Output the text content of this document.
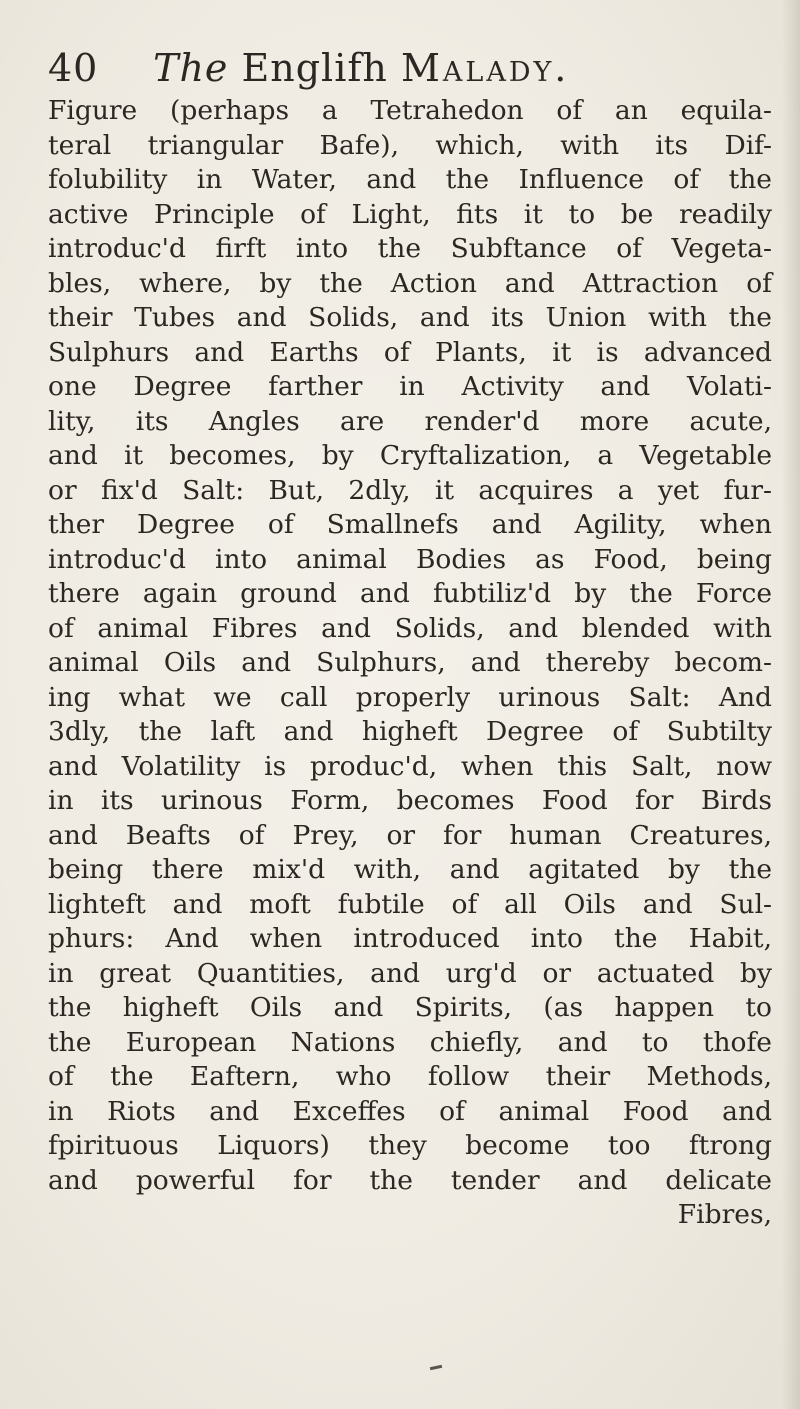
40 The Englifh Malady.
Figure (perhaps a Tetrahedon of an equila-
teral triangular Bafe), which, with its Dif-
folubility in Water, and the Influence of the
active Principle of Light, fits it to be readily
introduc'd firft into the Subftance of Vegeta-
bles, where, by the Action and Attraction of
their Tubes and Solids, and its Union with the
Sulphurs and Earths of Plants, it is advanced
one Degree farther in Activity and Volati-
lity, its Angles are render'd more acute,
and it becomes, by Cryftalization, a Vegetable
or fix'd Salt: But, 2dly, it acquires a yet fur-
ther Degree of Smallnefs and Agility, when
introduc'd into animal Bodies as Food, being
there again ground and fubtiliz'd by the Force
of animal Fibres and Solids, and blended with
animal Oils and Sulphurs, and thereby becom-
ing what we call properly urinous Salt: And
3dly, the laft and higheft Degree of Subtilty
and Volatility is produc'd, when this Salt, now
in its urinous Form, becomes Food for Birds
and Beafts of Prey, or for human Creatures,
being there mix'd with, and agitated by the
lighteft and moft fubtile of all Oils and Sul-
phurs: And when introduced into the Habit,
in great Quantities, and urg'd or actuated by
the higheft Oils and Spirits, (as happen to
the European Nations chiefly, and to thofe
of the Eaftern, who follow their Methods,
in Riots and Exceffes of animal Food and
fpirituous Liquors) they become too ftrong
and powerful for the tender and delicate
Fibres,
